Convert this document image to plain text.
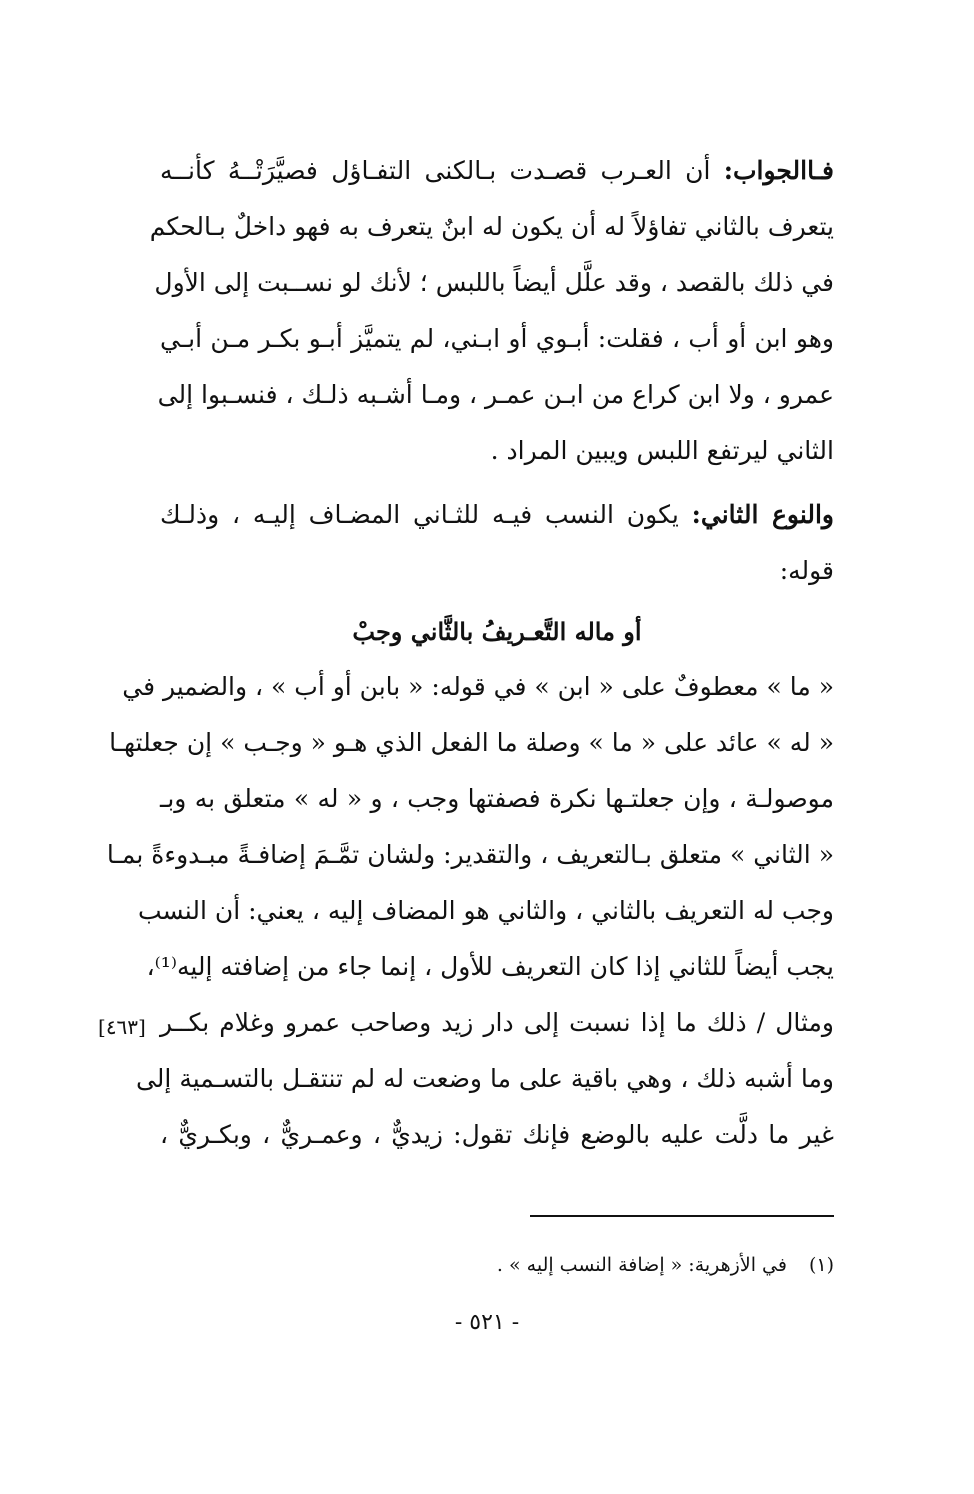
فـاالجواب: أن العـرب قصـدت بـالكنى التفـاؤل فصيَّرَتْــهُ كأنــه
يتعرف بالثاني تفاؤلاً له أن يكون له ابنٌ يتعرف به فهو داخلٌ بـالحكم
في ذلك بالقصد ، وقد علَّل أيضاً باللبس ؛ لأنك لو نســبت إلى الأول
وهو ابن أو أب ، فقلت: أبـوي أو ابـني، لم يتميَّز أبـو بكـر مـن أبـي
عمرو ، ولا ابن كراع من ابـن عمـر ، ومـا أشـبه ذلـك ، فنسـبوا إلى
الثاني ليرتفع اللبس ويبين المراد .
والنوع الثاني: يكون النسب فيـه للثـاني المضـاف إليـه ، وذلـك
قوله:
أو ماله التَّعـريفُ بالثَّاني وجبْ
« ما » معطوفٌ على « ابن » في قوله: « بابن أو أب » ، والضمير في
« له » عائد على « ما » وصلة ما الفعل الذي هـو « وجـب » إن جعلتهـا
موصولـة ، وإن جعلتـها نكرة فصفتها وجب ، و « له » متعلق به وبـ
« الثاني » متعلق بـالتعريف ، والتقدير: ولشان تمَّـمَ إضافـةً مبـدوءةً بمـا
وجب له التعريف بالثاني ، والثاني هو المضاف إليه ، يعني: أن النسب
يجب أيضاً للثاني إذا كان التعريف للأول ، إنما جاء من إضافته إليه⁽¹⁾،
ومثال / ذلك ما إذا نسبت إلى دار زيد وصاحب عمرو وغلام بكــر
وما أشبه ذلك ، وهي باقية على ما وضعت له لم تنتقـل بالتسـمية إلى
غير ما دلَّت عليه بالوضع فإنك تقول: زيديٌّ ، وعمـريٌّ ، وبكـريٌّ ،
[٤٦٣]
(١)في الأزهرية: « إضافة النسب إليه » .
- ٥٢١ -
